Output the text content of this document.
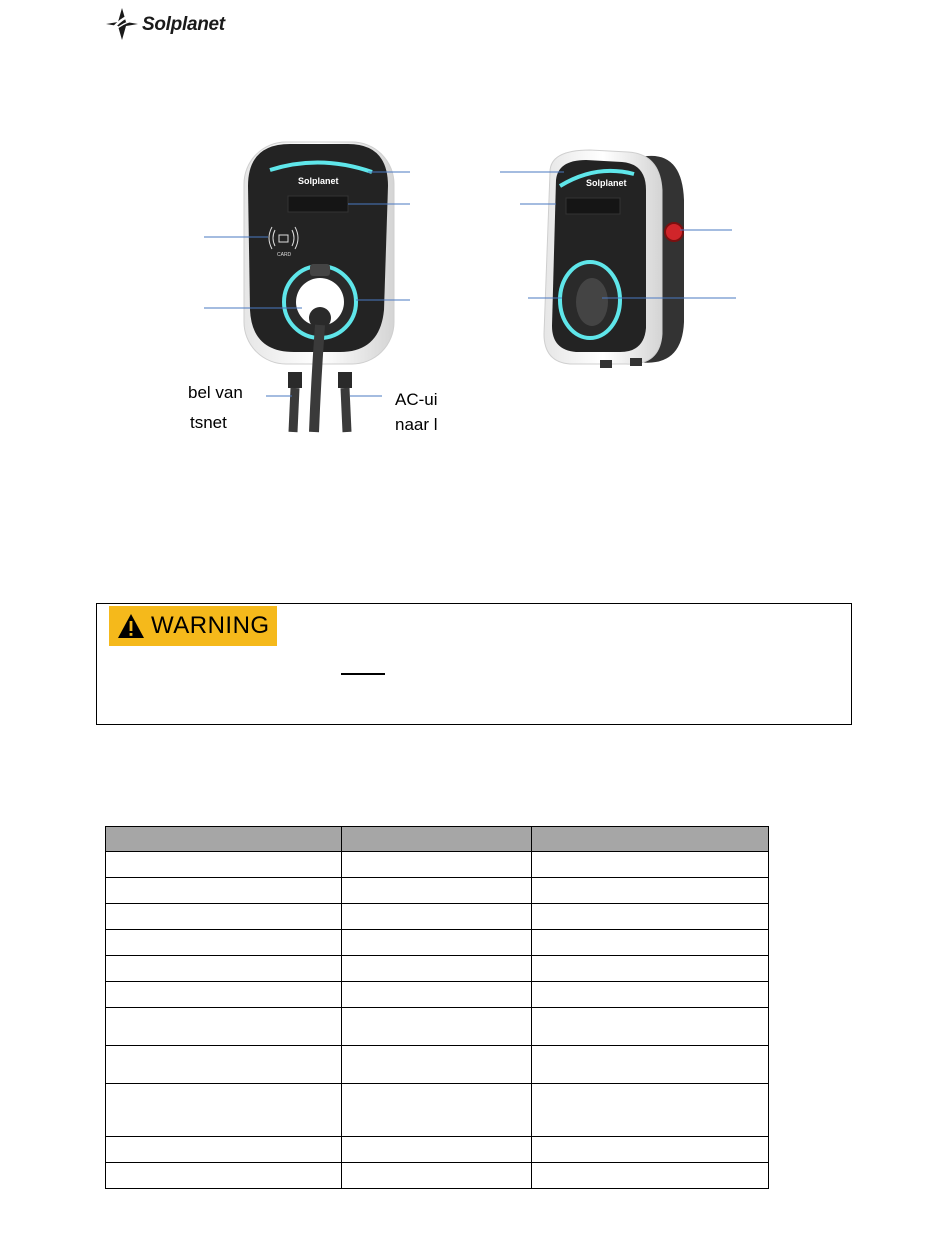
Solplanet
Solplanet
CARD
Solplanet
bel van
tsnet
AC-ui
naar l
WARNING
